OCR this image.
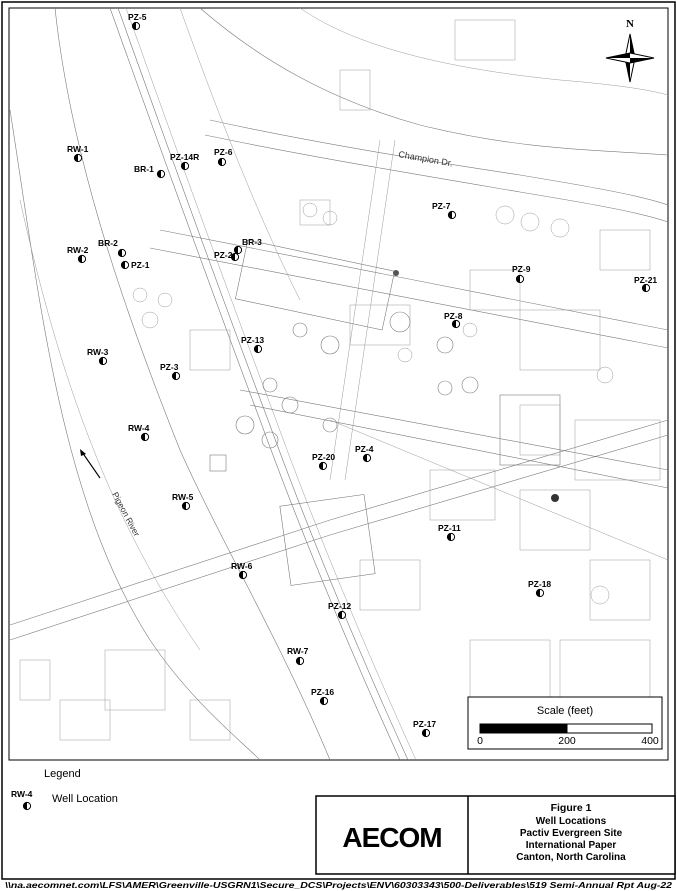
Champion Dr.
Pigeon River
N
PZ-5
RW-1
BR-1
PZ-14R PZ-6
PZ-7
RW-2
BR-2
PZ-1
BR-3
PZ-2
PZ-9
PZ-21
PZ-8
RW-3
PZ-13
PZ-3
RW-4
PZ-20
PZ-4
RW-5
PZ-11
RW-6
PZ-18
PZ-12
RW-7
PZ-16
PZ-17
Scale (feet)
0	200	400
Legend
RW-4 Well Location
AECOM
Figure 1
Well Locations
Pactiv Evergreen Site
International Paper
Canton, North Carolina
\\na.aecomnet.com\LFS\AMER\Greenville-USGRN1\Secure_DCS\Projects\ENV\60303343\500-Deliverables\519 Semi-Annual Rpt Aug-22
